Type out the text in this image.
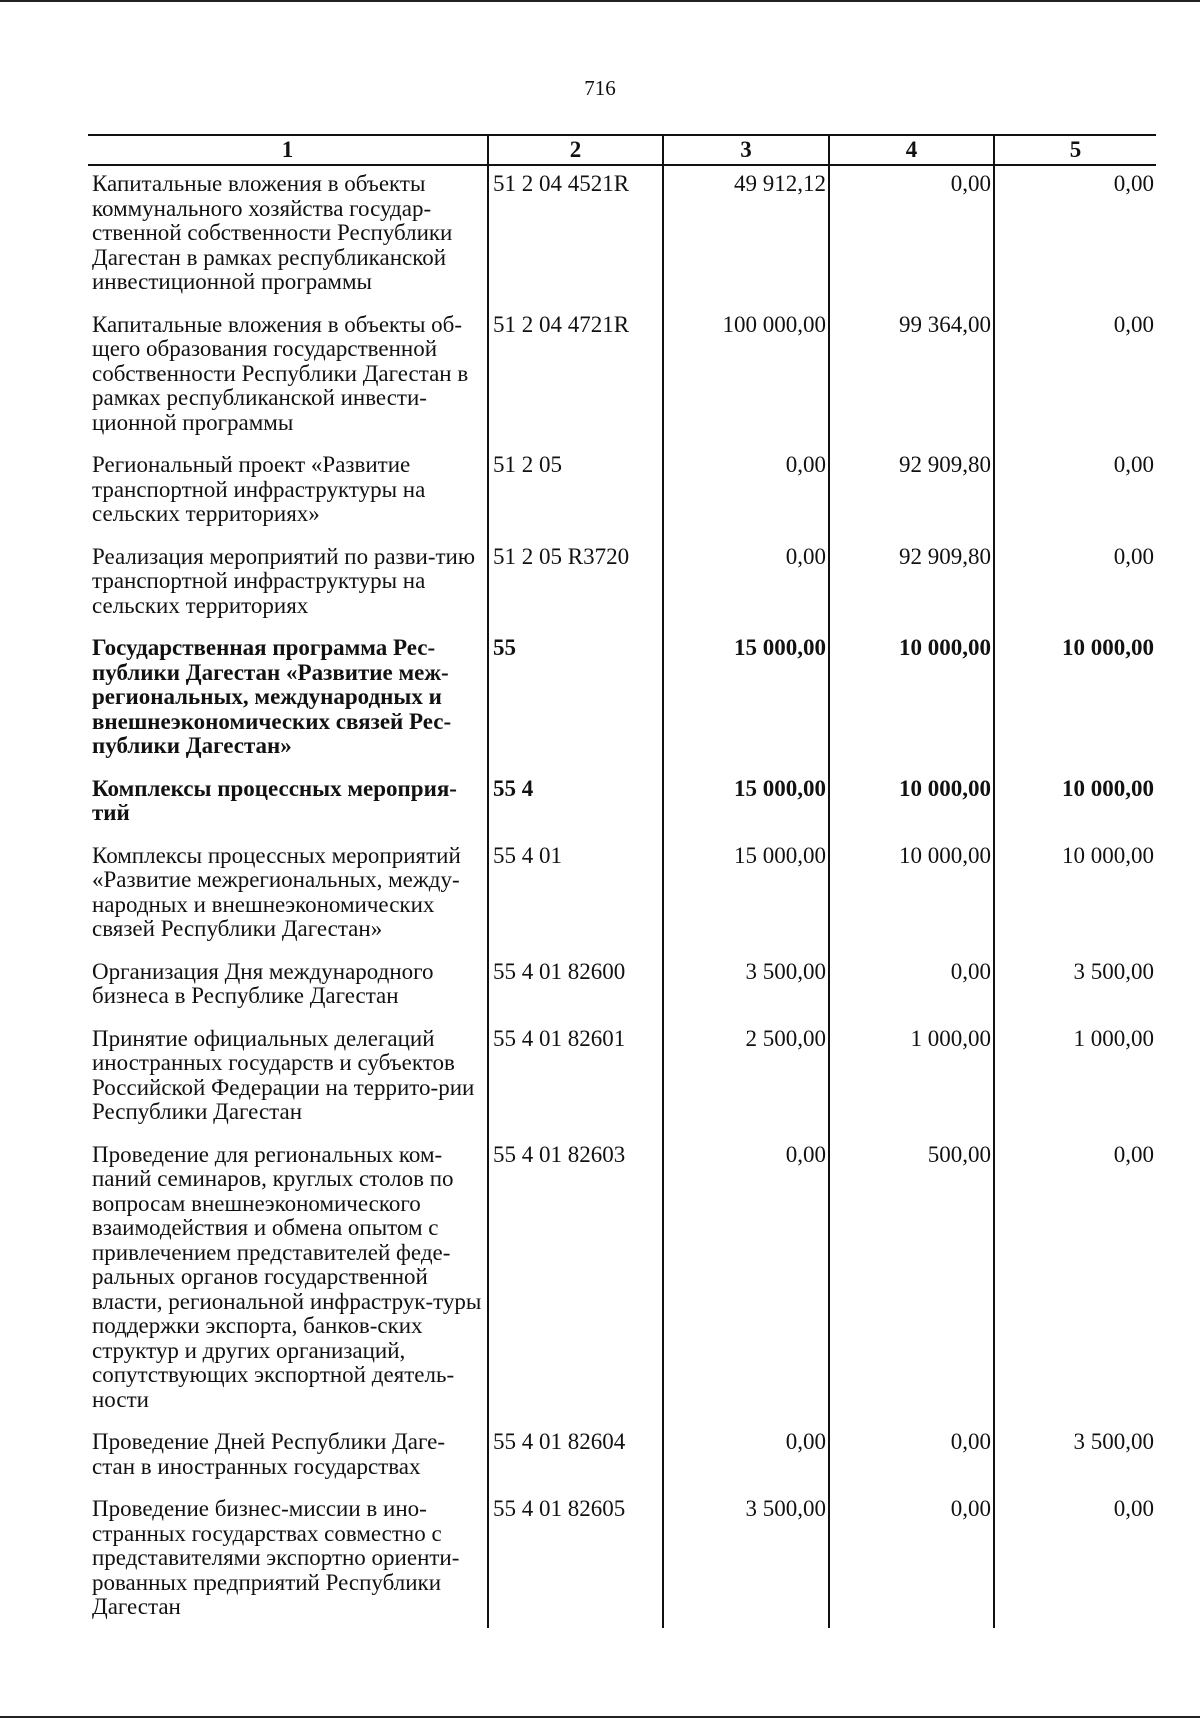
716
1	2	3	4	5
Капитальные вложения в объекты коммунального хозяйства государ-ственной собственности Республики Дагестан в рамках республиканской инвестиционной программы	51 2 04 4521R	49 912,12	0,00	0,00
Капитальные вложения в объекты об-щего образования государственной собственности Республики Дагестан в рамках республиканской инвести-ционной программы	51 2 04 4721R	100 000,00	99 364,00	0,00
Региональный проект «Развитие транспортной инфраструктуры на сельских территориях»	51 2 05	0,00	92 909,80	0,00
Реализация мероприятий по разви-тию транспортной инфраструктуры на сельских территориях	51 2 05 R3720	0,00	92 909,80	0,00
Государственная программа Рес-публики Дагестан «Развитие меж-региональных, международных и внешнеэкономических связей Рес-публики Дагестан»	55	15 000,00	10 000,00	10 000,00
Комплексы процессных мероприя-тий	55 4	15 000,00	10 000,00	10 000,00
Комплексы процессных мероприятий «Развитие межрегиональных, между-народных и внешнеэкономических связей Республики Дагестан»	55 4 01	15 000,00	10 000,00	10 000,00
Организация Дня международного бизнеса в Республике Дагестан	55 4 01 82600	3 500,00	0,00	3 500,00
Принятие официальных делегаций иностранных государств и субъектов Российской Федерации на террито-рии Республики Дагестан	55 4 01 82601	2 500,00	1 000,00	1 000,00
Проведение для региональных ком-паний семинаров, круглых столов по вопросам внешнеэкономического взаимодействия и обмена опытом с привлечением представителей феде-ральных органов государственной власти, региональной инфраструк-туры поддержки экспорта, банков-ских структур и других организаций, сопутствующих экспортной деятель-ности	55 4 01 82603	0,00	500,00	0,00
Проведение Дней Республики Даге-стан в иностранных государствах	55 4 01 82604	0,00	0,00	3 500,00
Проведение бизнес-миссии в ино-странных государствах совместно с представителями экспортно ориенти-рованных предприятий Республики Дагестан	55 4 01 82605	3 500,00	0,00	0,00
